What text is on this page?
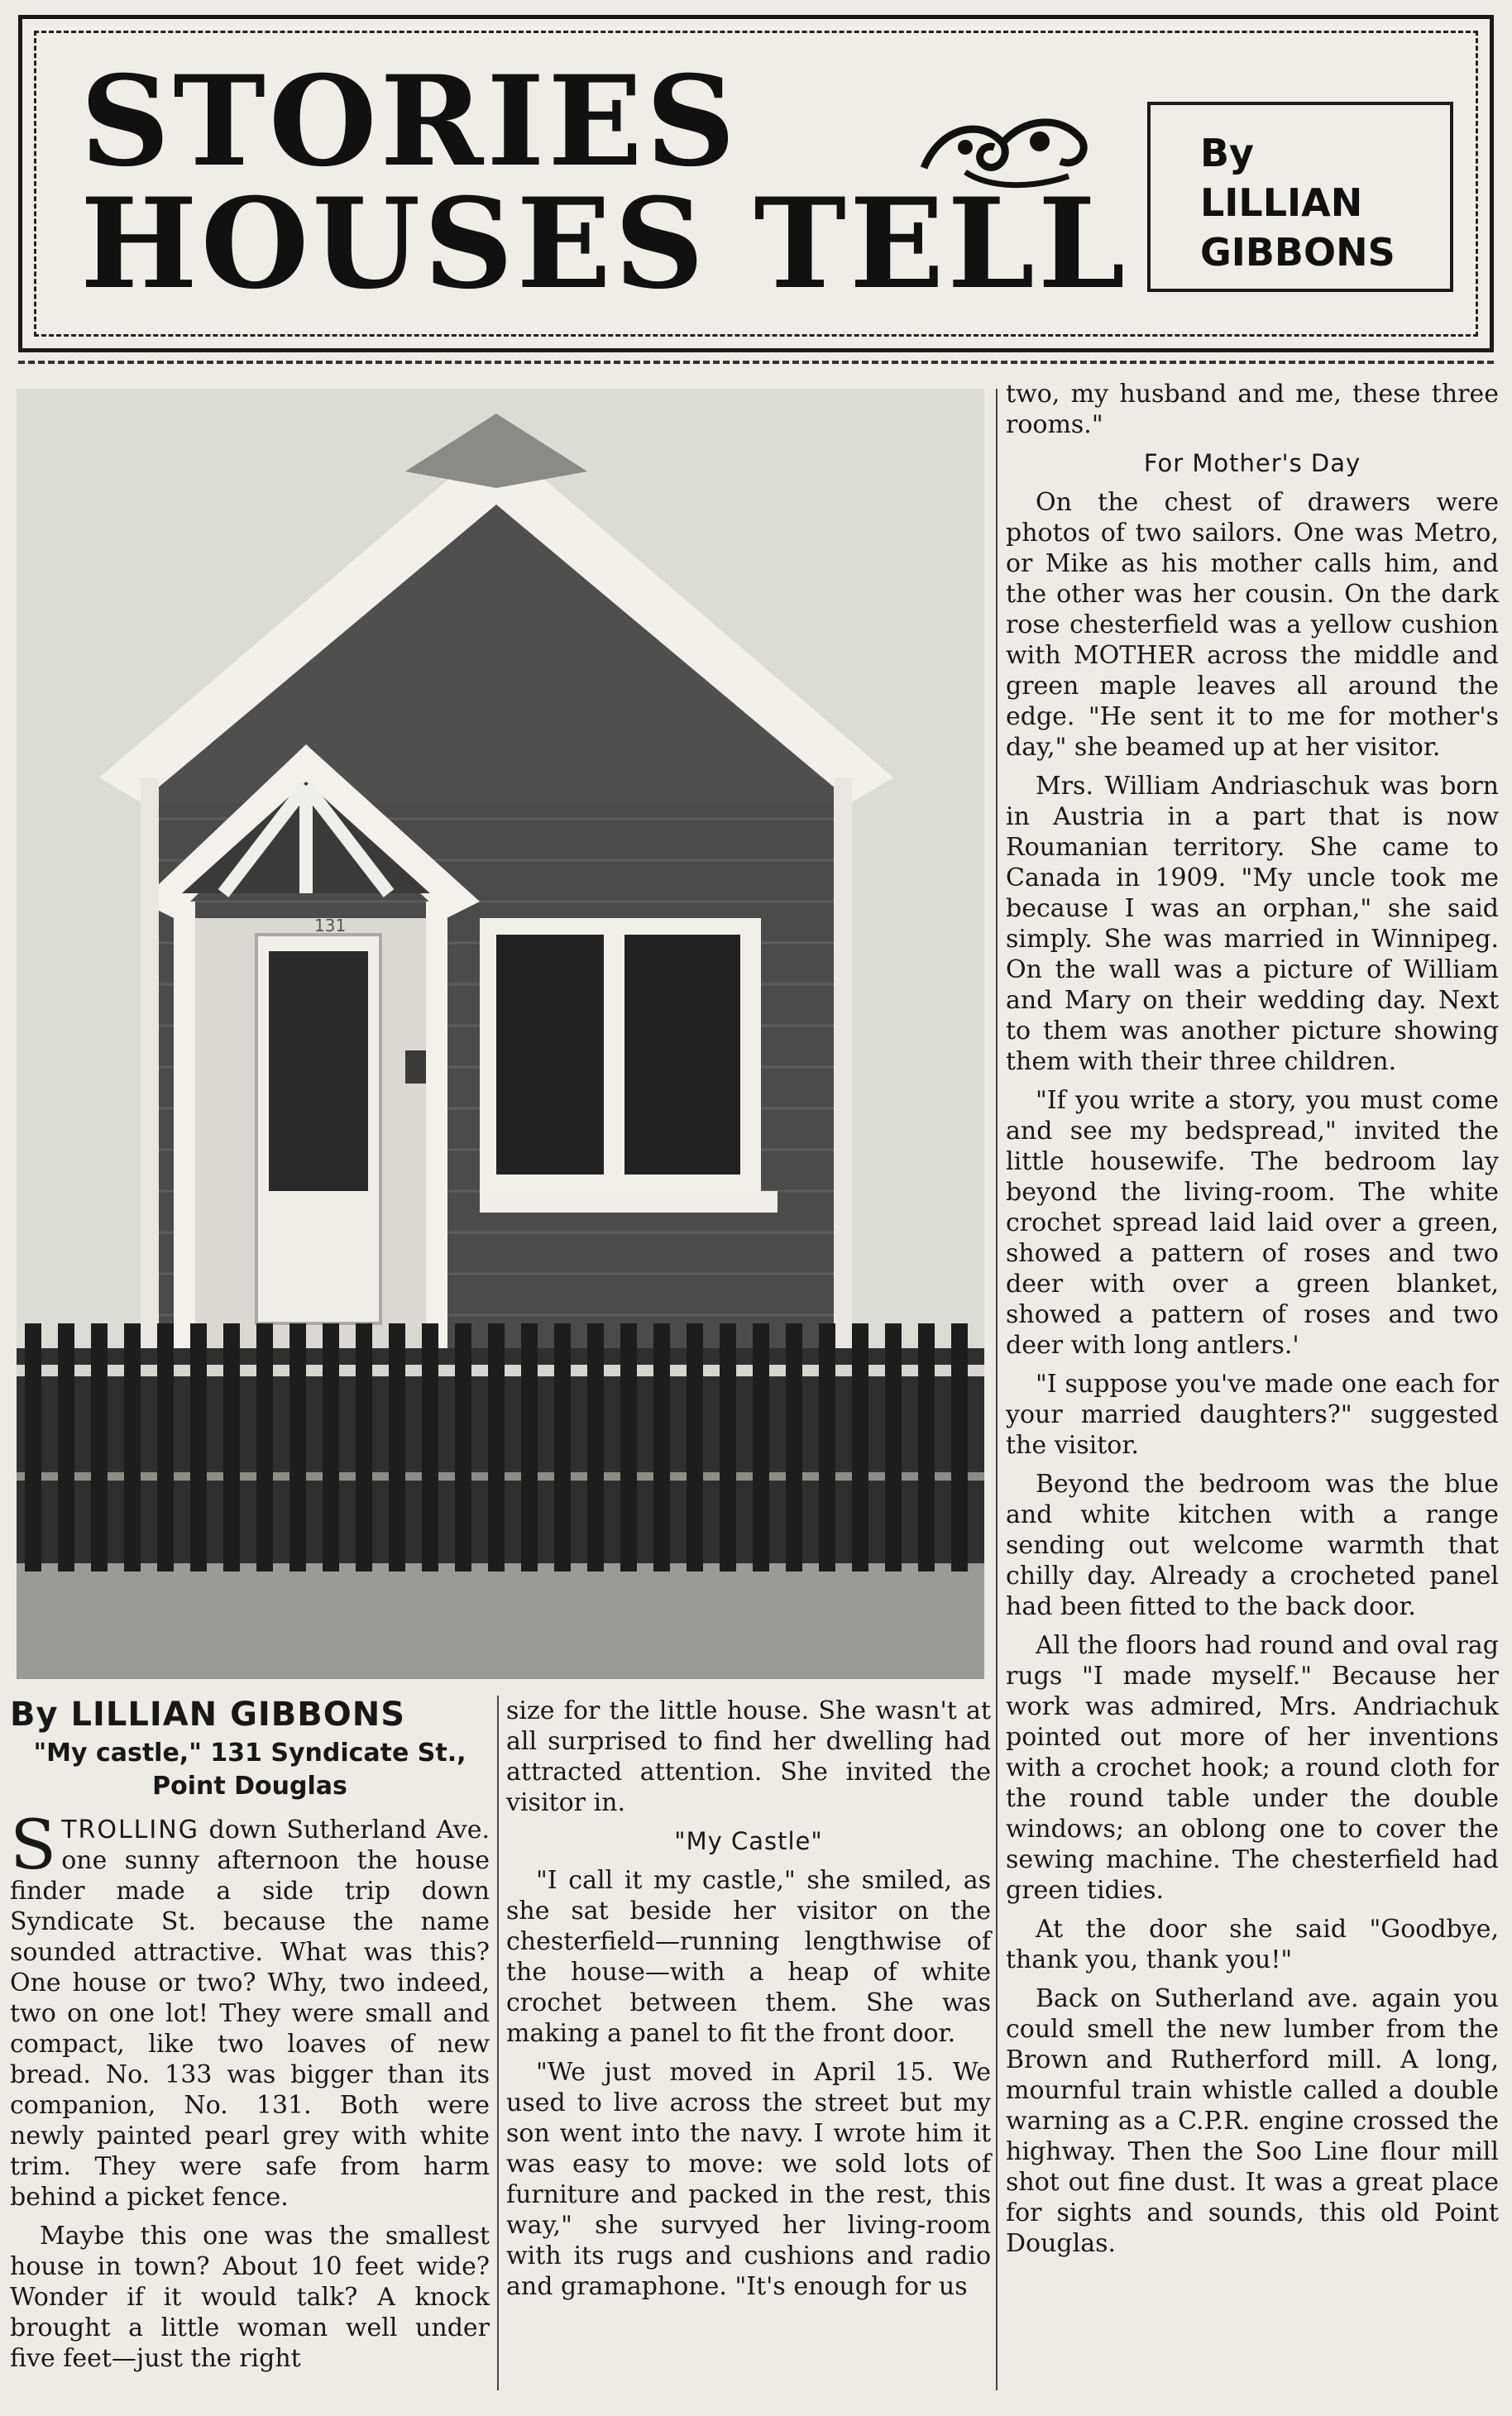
STORIES
HOUSES TELL
By
LILLIAN
GIBBONS
131
By LILLIAN GIBBONS
"My castle," 131 Syndicate St.,
Point Douglas

STROLLING down Sutherland Ave. one sunny afternoon the house finder made a side trip down Syndicate St. because the name sounded attractive. What was this? One house or two? Why, two indeed, two on one lot! They were small and compact, like two loaves of new bread. No. 133 was bigger than its companion, No. 131. Both were newly painted pearl grey with white trim. They were safe from harm behind a picket fence.

Maybe this one was the smallest house in town? About 10 feet wide? Wonder if it would talk? A knock brought a little woman well under five feet—just the right

size for the little house. She wasn't at all surprised to find her dwelling had attracted attention. She invited the visitor in.

"My Castle"

"I call it my castle," she smiled, as she sat beside her visitor on the chesterfield—running lengthwise of the house—with a heap of white crochet between them. She was making a panel to fit the front door.

"We just moved in April 15. We used to live across the street but my son went into the navy. I wrote him it was easy to move: we sold lots of furniture and packed in the rest, this way," she survyed her living-room with its rugs and cushions and radio and gramaphone. "It's enough for us

two, my husband and me, these three rooms."

For Mother's Day

On the chest of drawers were photos of two sailors. One was Metro, or Mike as his mother calls him, and the other was her cousin. On the dark rose chesterfield was a yellow cushion with MOTHER across the middle and green maple leaves all around the edge. "He sent it to me for mother's day," she beamed up at her visitor.

Mrs. William Andriaschuk was born in Austria in a part that is now Roumanian territory. She came to Canada in 1909. "My uncle took me because I was an orphan," she said simply. She was married in Winnipeg. On the wall was a picture of William and Mary on their wedding day. Next to them was another picture showing them with their three children.

"If you write a story, you must come and see my bedspread," invited the little housewife. The bedroom lay beyond the living-room. The white crochet spread laid laid over a green, showed a pattern of roses and two deer with over a green blanket, showed a pattern of roses and two deer with long antlers.'

"I suppose you've made one each for your married daughters?" suggested the visitor.

Beyond the bedroom was the blue and white kitchen with a range sending out welcome warmth that chilly day. Already a crocheted panel had been fitted to the back door.

All the floors had round and oval rag rugs "I made myself." Because her work was admired, Mrs. Andriachuk pointed out more of her inventions with a crochet hook; a round cloth for the round table under the double windows; an oblong one to cover the sewing machine. The chesterfield had green tidies.

At the door she said "Goodbye, thank you, thank you!"

Back on Sutherland ave. again you could smell the new lumber from the Brown and Rutherford mill. A long, mournful train whistle called a double warning as a C.P.R. engine crossed the highway. Then the Soo Line flour mill shot out fine dust. It was a great place for sights and sounds, this old Point Douglas.
